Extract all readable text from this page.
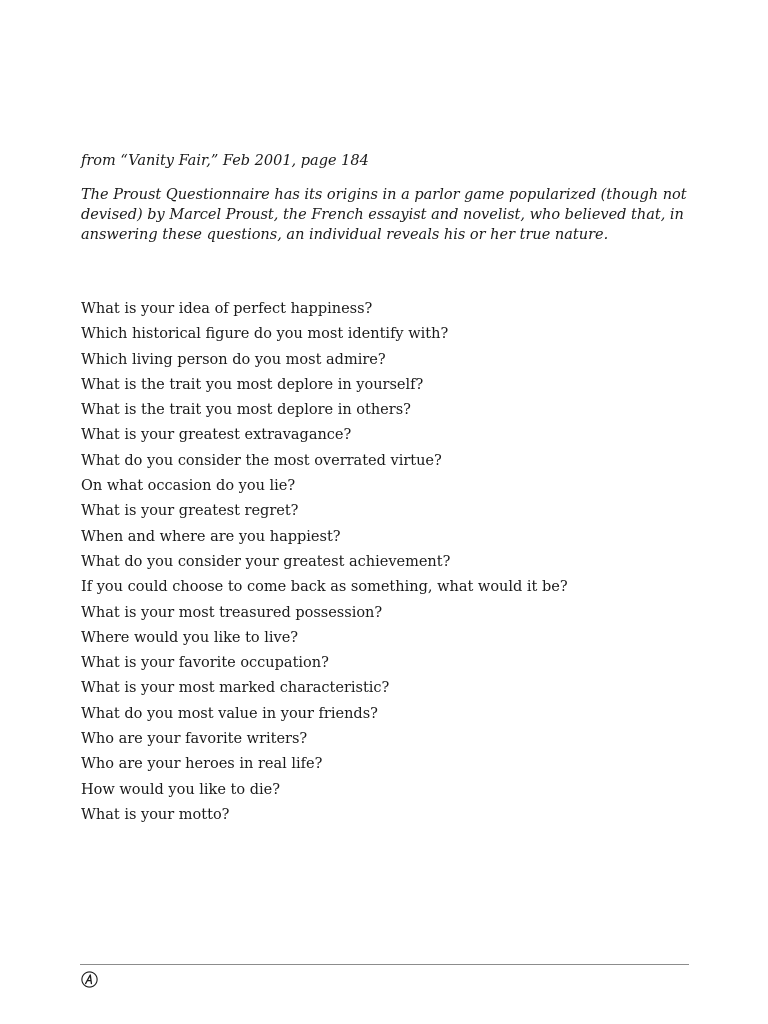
from “Vanity Fair,” Feb 2001, page 184

The Proust Questionnaire has its origins in a parlor game popularized (though not
devised) by Marcel Proust, the French essayist and novelist, who believed that, in
answering these questions, an individual reveals his or her true nature.

What is your idea of perfect happiness?
Which historical figure do you most identify with?
Which living person do you most admire?
What is the trait you most deplore in yourself?
What is the trait you most deplore in others?
What is your greatest extravagance?
What do you consider the most overrated virtue?
On what occasion do you lie?
What is your greatest regret?
When and where are you happiest?
What do you consider your greatest achievement?
If you could choose to come back as something, what would it be?
What is your most treasured possession?
Where would you like to live?
What is your favorite occupation?
What is your most marked characteristic?
What do you most value in your friends?
Who are your favorite writers?
Who are your heroes in real life?
How would you like to die?
What is your motto?
